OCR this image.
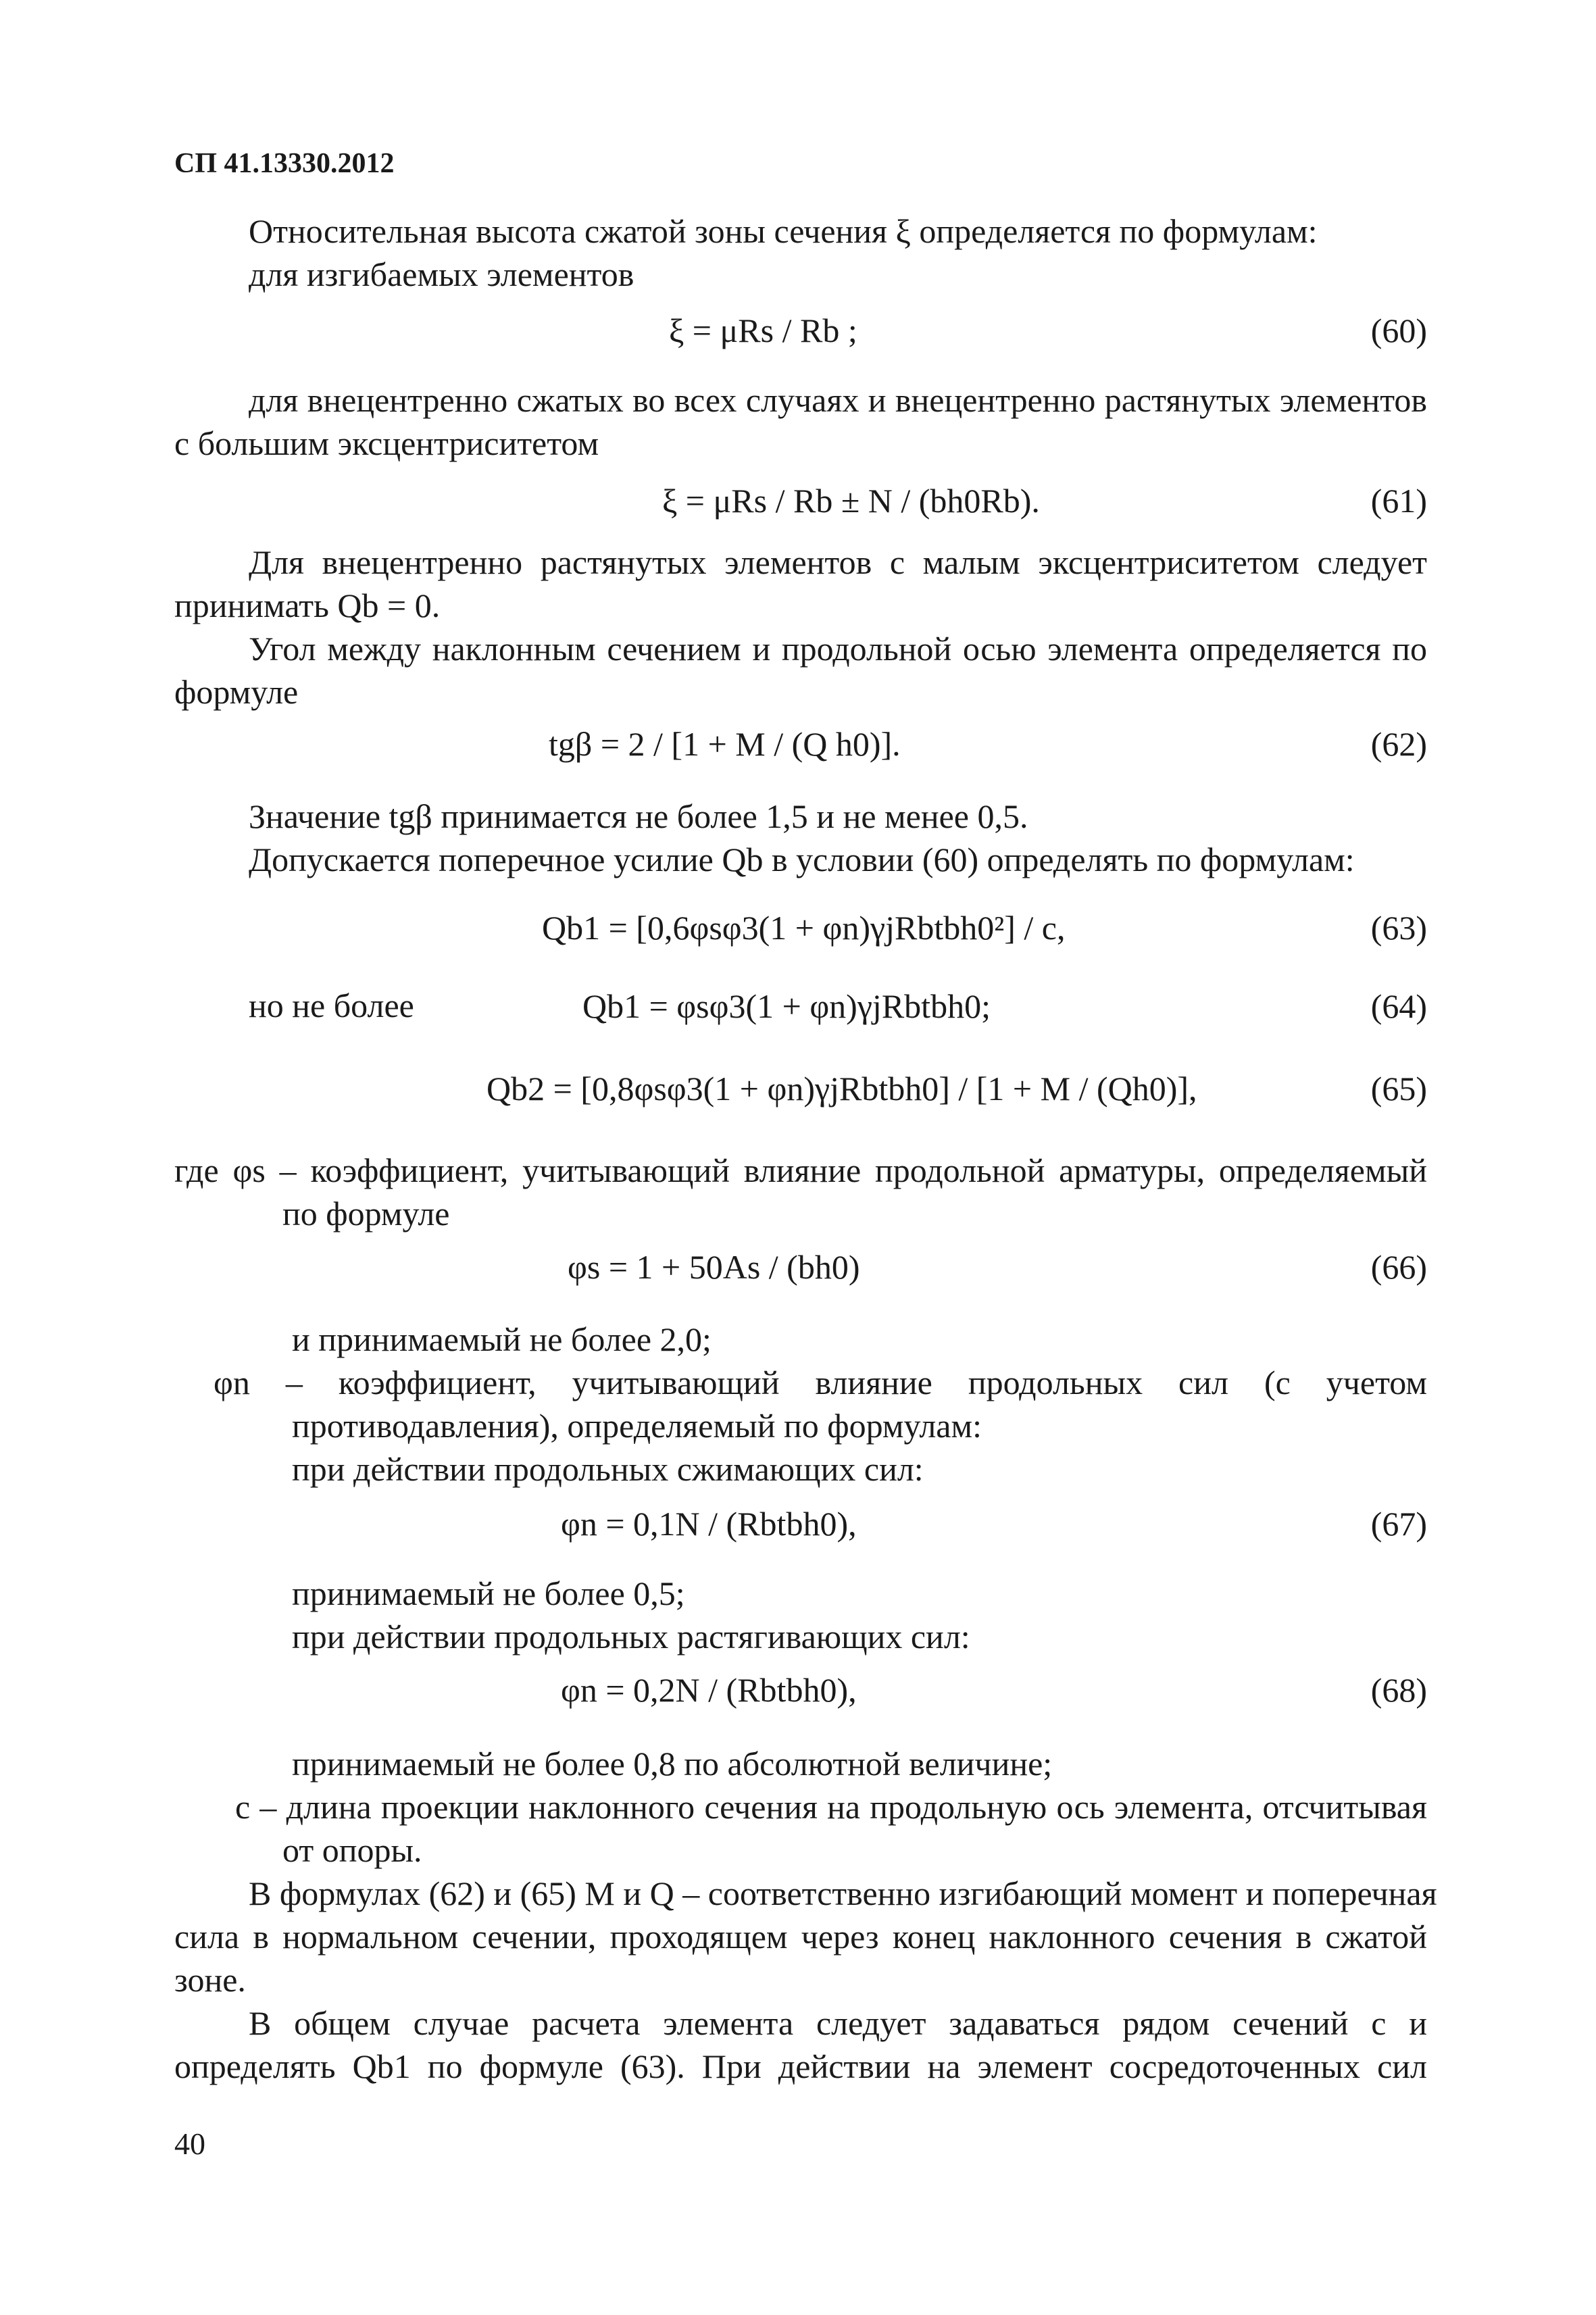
СП 41.13330.2012
Относительная высота сжатой зоны сечения ξ определяется по формулам:
для изгибаемых элементов
ξ = μRs / Rb ;	(60)
для внецентренно сжатых во всех случаях и внецентренно растянутых элементов
с большим эксцентриситетом
ξ = μRs / Rb ± N / (bh0Rb).	(61)
Для внецентренно растянутых элементов с малым эксцентриситетом следует
принимать Qb = 0.
Угол между наклонным сечением и продольной осью элемента определяется по
формуле
tgβ = 2 / [1 + M / (Q h0)].	(62)
Значение tgβ принимается не более 1,5 и не менее 0,5.
Допускается поперечное усилие Qb в условии (60) определять по формулам:
Qb1 = [0,6φsφ3(1 + φn)γjRbtbh0²] / c,	(63)
но не более	Qb1 = φsφ3(1 + φn)γjRbtbh0;	(64)
Qb2 = [0,8φsφ3(1 + φn)γjRbtbh0] / [1 + M / (Qh0)],	(65)
где φs – коэффициент, учитывающий влияние продольной арматуры, определяемый
по формуле
φs = 1 + 50As / (bh0)	(66)
и принимаемый не более 2,0;
φn – коэффициент, учитывающий влияние продольных сил (с учетом
противодавления), определяемый по формулам:
при действии продольных сжимающих сил:
φn = 0,1N / (Rbtbh0),	(67)
принимаемый не более 0,5;
при действии продольных растягивающих сил:
φn = 0,2N / (Rbtbh0),	(68)
принимаемый не более 0,8 по абсолютной величине;
с – длина проекции наклонного сечения на продольную ось элемента, отсчитывая
от опоры.
В формулах (62) и (65) M и Q – соответственно изгибающий момент и поперечная
сила в нормальном сечении, проходящем через конец наклонного сечения в сжатой
зоне.
В общем случае расчета элемента следует задаваться рядом сечений с и
определять Qb1 по формуле (63). При действии на элемент сосредоточенных сил
40
